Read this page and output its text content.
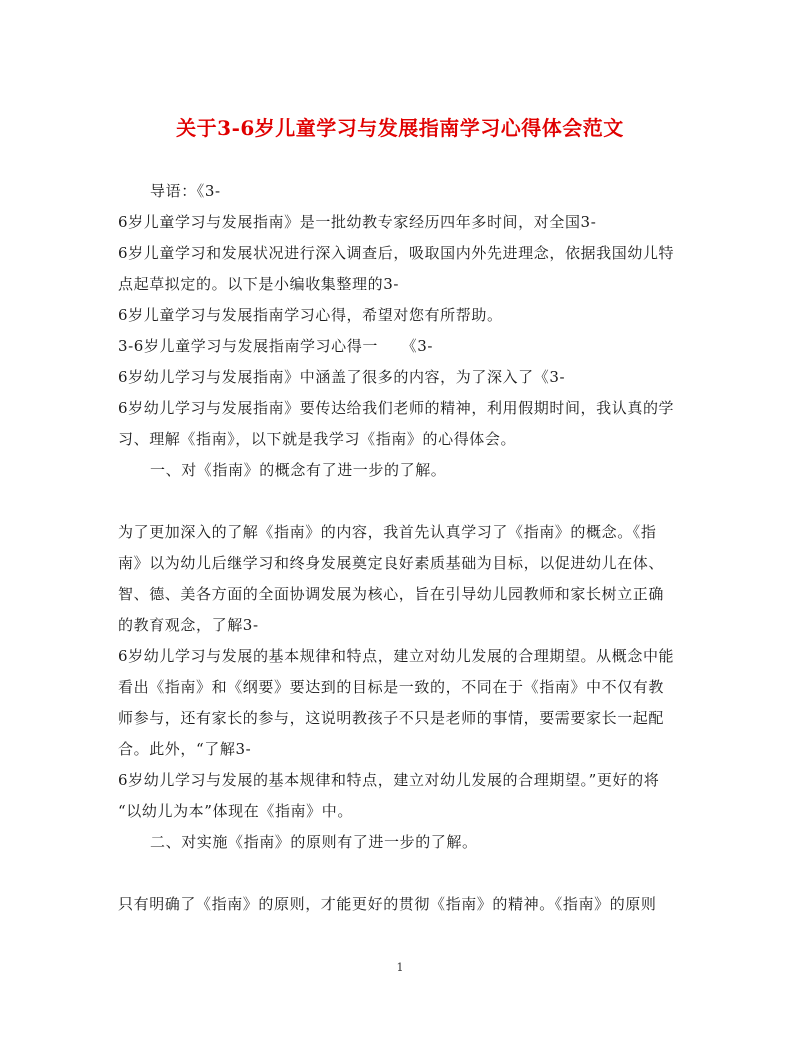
关于3-6岁儿童学习与发展指南学习心得体会范文
导语：《3-
6岁儿童学习与发展指南》是一批幼教专家经历四年多时间，对全国3-
6岁儿童学习和发展状况进行深入调查后，吸取国内外先进理念，依据我国幼儿特
点起草拟定的。以下是小编收集整理的3-
6岁儿童学习与发展指南学习心得，希望对您有所帮助。
3-6岁儿童学习与发展指南学习心得一　　《3-
6岁幼儿学习与发展指南》中涵盖了很多的内容，为了深入了《3-
6岁幼儿学习与发展指南》要传达给我们老师的精神，利用假期时间，我认真的学
习、理解《指南》，以下就是我学习《指南》的心得体会。
一、对《指南》的概念有了进一步的了解。
为了更加深入的了解《指南》的内容，我首先认真学习了《指南》的概念。《指
南》以为幼儿后继学习和终身发展奠定良好素质基础为目标，以促进幼儿在体、
智、德、美各方面的全面协调发展为核心，旨在引导幼儿园教师和家长树立正确
的教育观念，了解3-
6岁幼儿学习与发展的基本规律和特点，建立对幼儿发展的合理期望。从概念中能
看出《指南》和《纲要》要达到的目标是一致的，不同在于《指南》中不仅有教
师参与，还有家长的参与，这说明教孩子不只是老师的事情，要需要家长一起配
合。此外，“了解3-
6岁幼儿学习与发展的基本规律和特点，建立对幼儿发展的合理期望。”更好的将
“以幼儿为本”体现在《指南》中。
二、对实施《指南》的原则有了进一步的了解。
只有明确了《指南》的原则，才能更好的贯彻《指南》的精神。《指南》的原则
1
